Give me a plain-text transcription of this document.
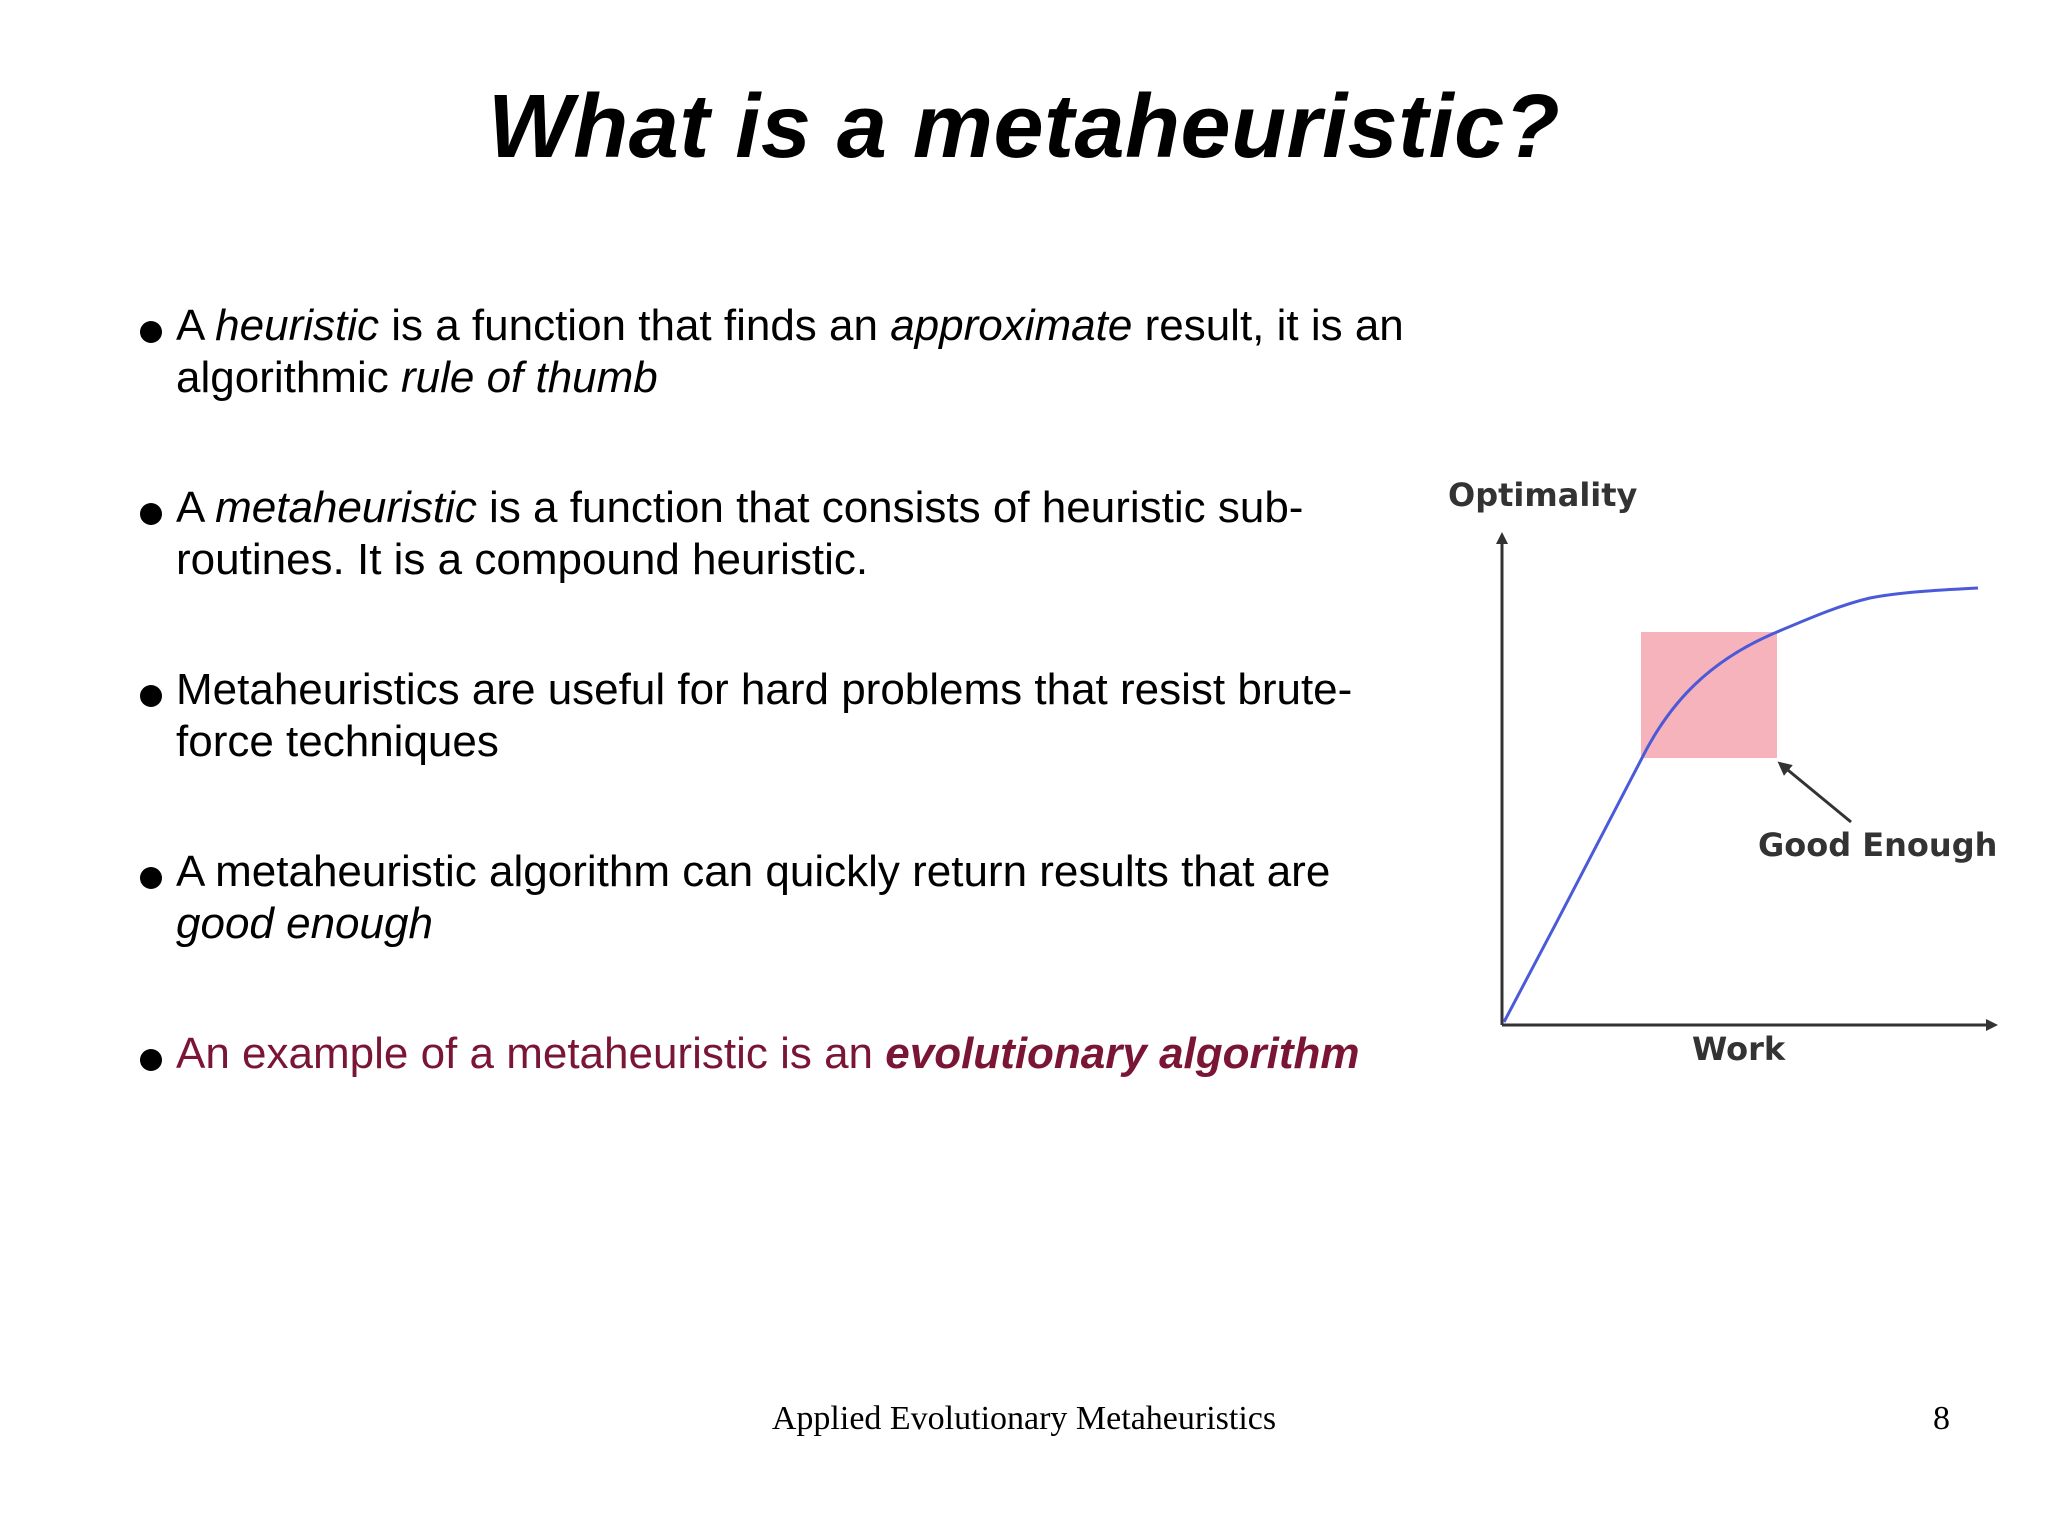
What is a metaheuristic?
A heuristic is a function that finds an approximate result, it is an algorithmic rule of thumb
A metaheuristic is a function that consists of heuristic sub-routines. It is a compound heuristic.
Metaheuristics are useful for hard problems that resist brute-force techniques
A metaheuristic algorithm can quickly return results that are good enough
An example of a metaheuristic is an evolutionary algorithm
Optimality
Work
Good Enough
Applied Evolutionary Metaheuristics	8
